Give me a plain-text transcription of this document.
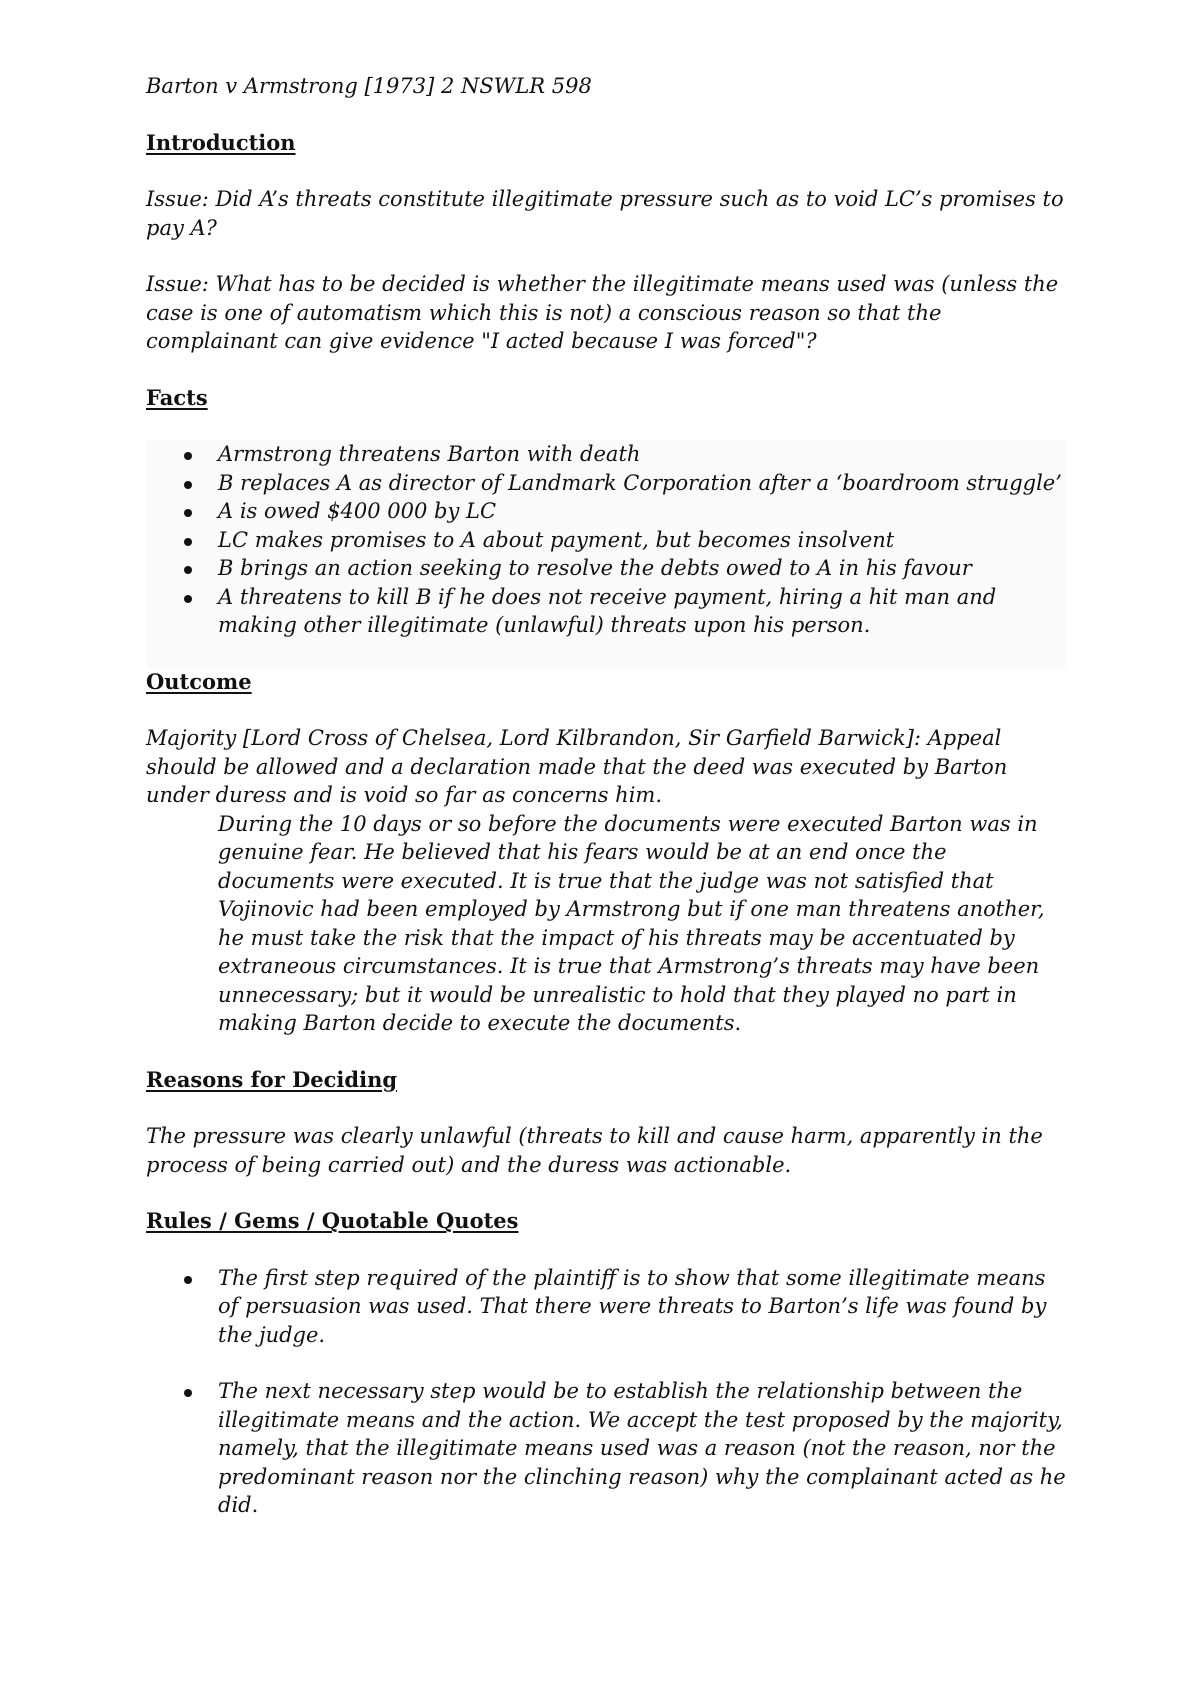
Barton v Armstrong [1973] 2 NSWLR 598
Introduction
Issue: Did A’s threats constitute illegitimate pressure such as to void LC’s promises to pay A?
Issue: What has to be decided is whether the illegitimate means used was (unless the case is one of automatism which this is not) a conscious reason so that the complainant can give evidence "I acted because I was forced"?
Facts
Armstrong threatens Barton with death
B replaces A as director of Landmark Corporation after a ‘boardroom struggle’
A is owed $400 000 by LC
LC makes promises to A about payment, but becomes insolvent
B brings an action seeking to resolve the debts owed to A in his favour
A threatens to kill B if he does not receive payment, hiring a hit man and making other illegitimate (unlawful) threats upon his person.
Outcome
Majority [Lord Cross of Chelsea, Lord Kilbrandon, Sir Garfield Barwick]: Appeal should be allowed and a declaration made that the deed was executed by Barton under duress and is void so far as concerns him.
During the 10 days or so before the documents were executed Barton was in genuine fear. He believed that his fears would be at an end once the documents were executed. It is true that the judge was not satisfied that Vojinovic had been employed by Armstrong but if one man threatens another, he must take the risk that the impact of his threats may be accentuated by extraneous circumstances. It is true that Armstrong’s threats may have been unnecessary; but it would be unrealistic to hold that they played no part in making Barton decide to execute the documents.
Reasons for Deciding
The pressure was clearly unlawful (threats to kill and cause harm, apparently in the process of being carried out) and the duress was actionable.
Rules / Gems / Quotable Quotes
The first step required of the plaintiff is to show that some illegitimate means of persuasion was used. That there were threats to Barton’s life was found by the judge.
The next necessary step would be to establish the relationship between the illegitimate means and the action. We accept the test proposed by the majority, namely, that the illegitimate means used was a reason (not the reason, nor the predominant reason nor the clinching reason) why the complainant acted as he did.
